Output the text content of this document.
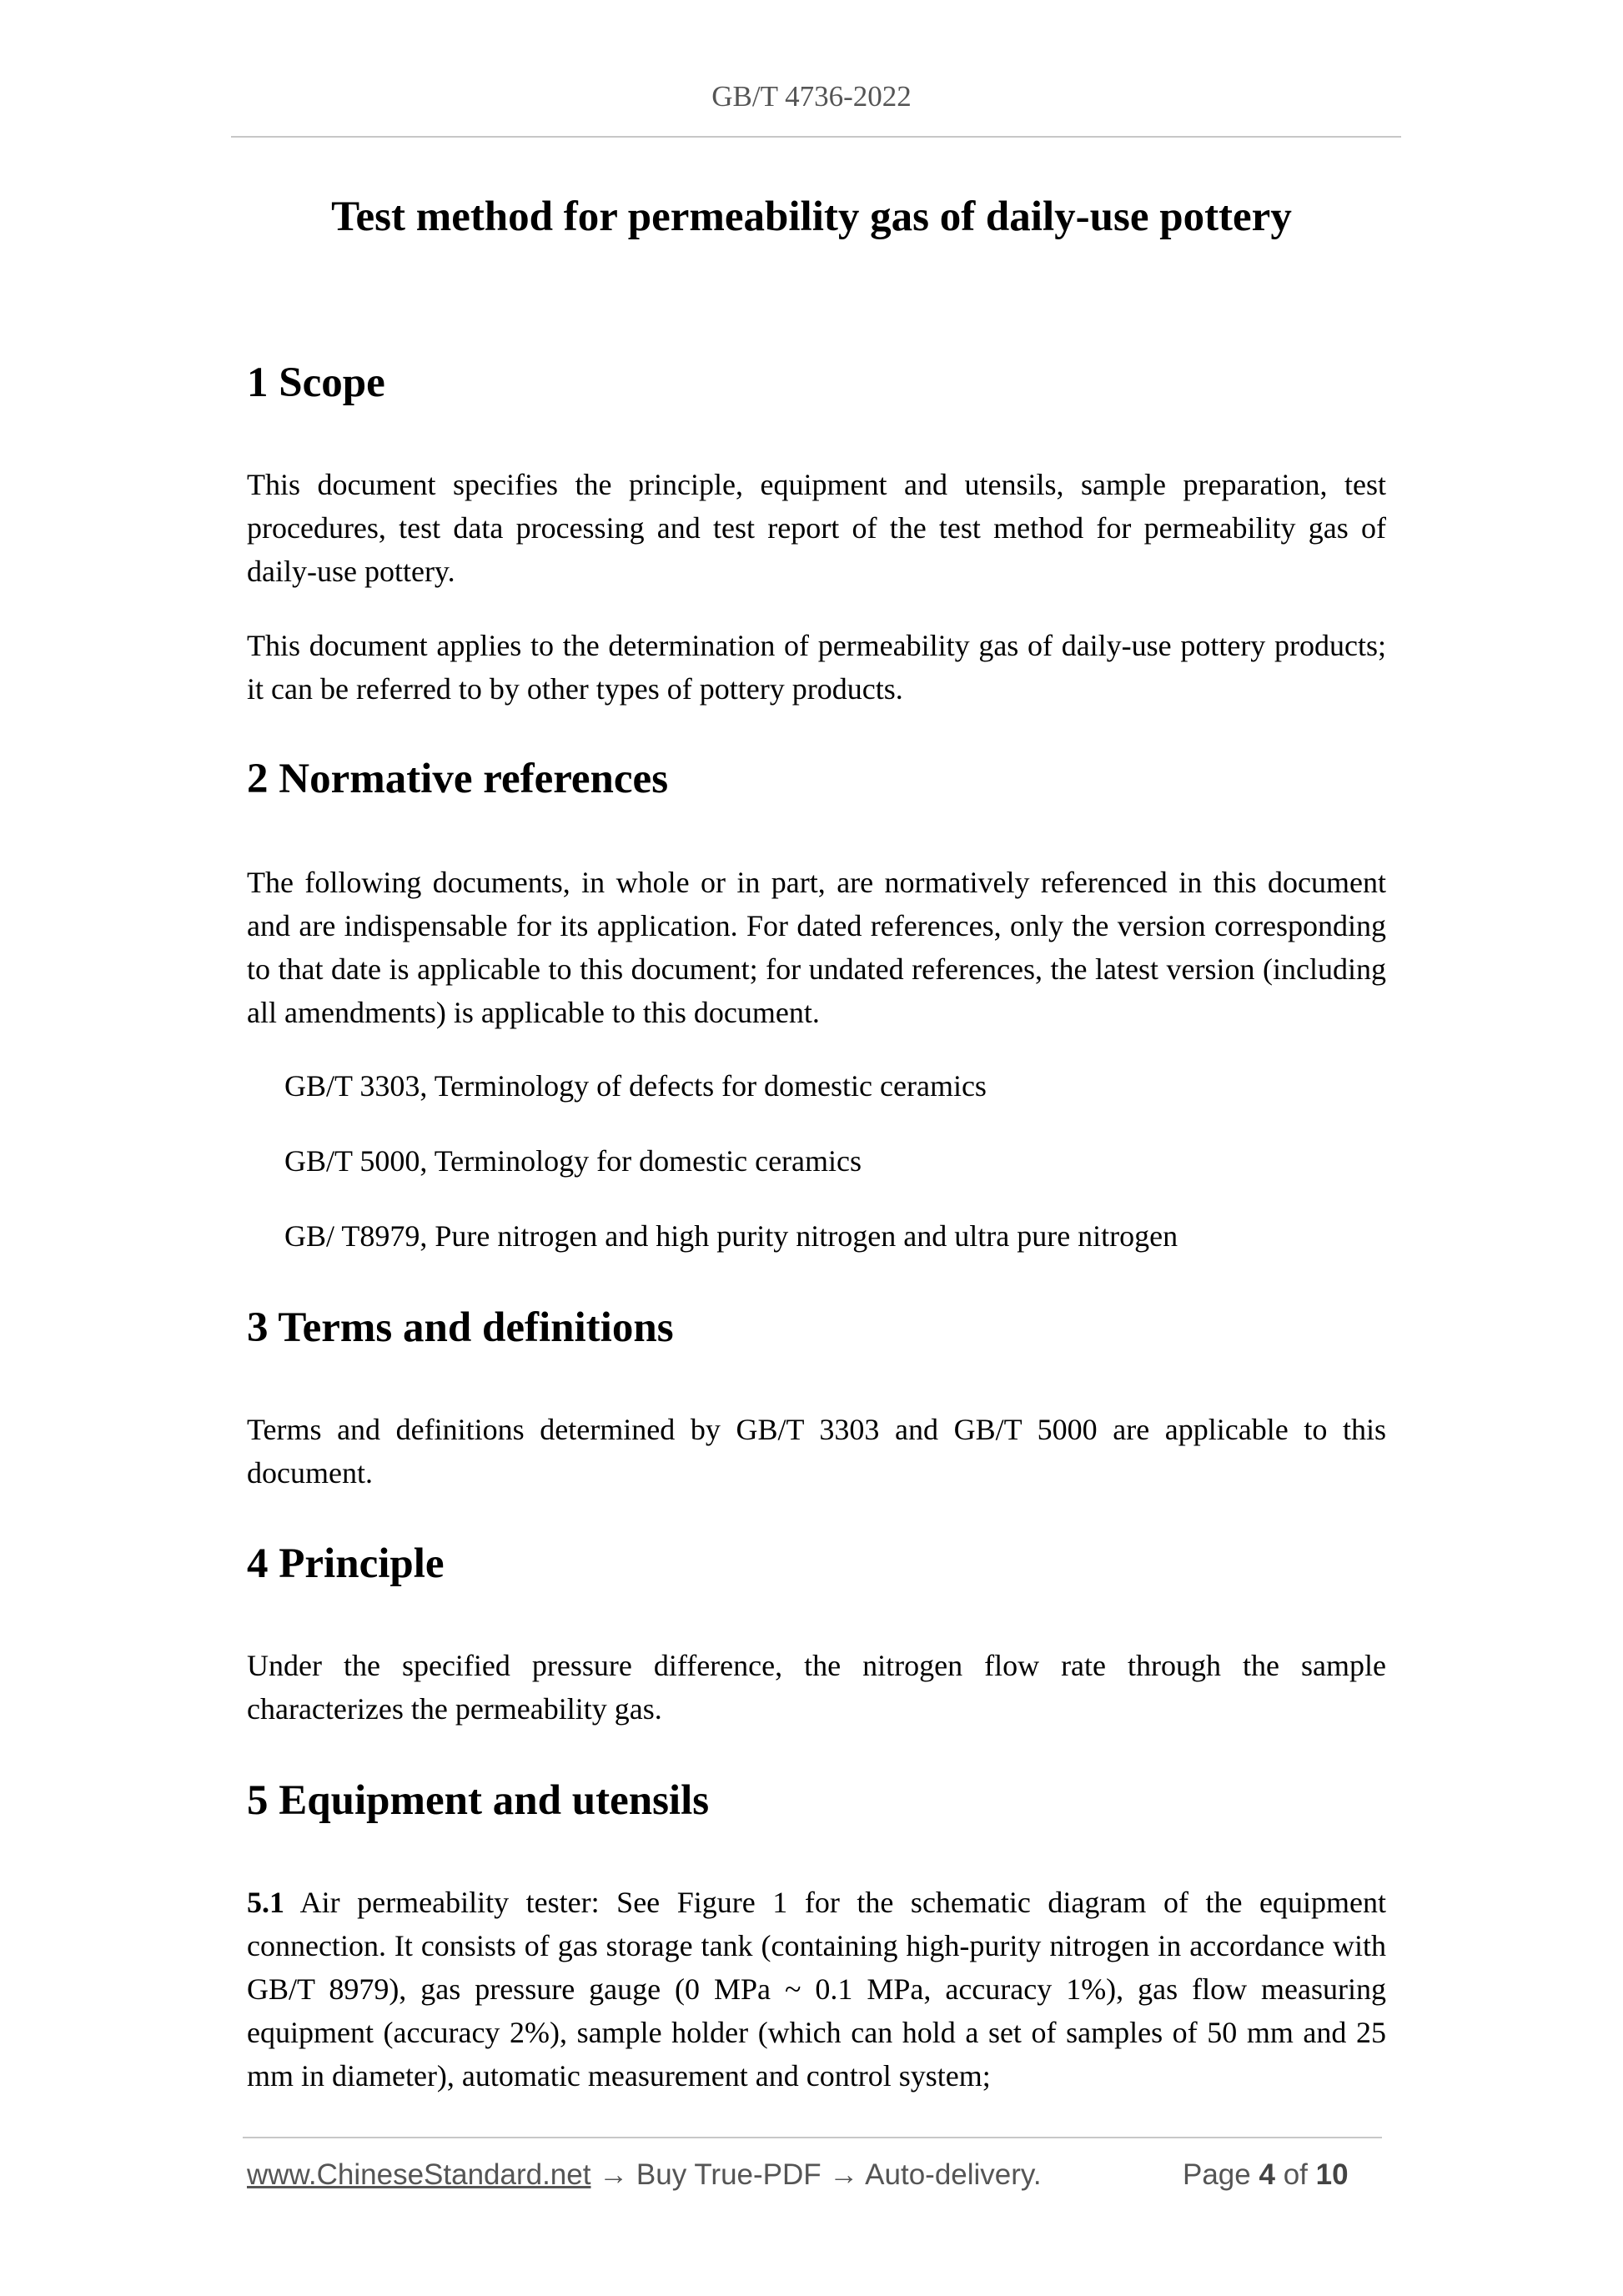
GB/T 4736-2022
Test method for permeability gas of daily-use pottery
1 Scope

This document specifies the principle, equipment and utensils, sample preparation, test procedures, test data processing and test report of the test method for permeability gas of daily-use pottery.

This document applies to the determination of permeability gas of daily-use pottery products; it can be referred to by other types of pottery products.

2 Normative references

The following documents, in whole or in part, are normatively referenced in this document and are indispensable for its application. For dated references, only the version corresponding to that date is applicable to this document; for undated references, the latest version (including all amendments) is applicable to this document.

GB/T 3303, Terminology of defects for domestic ceramics

GB/T 5000, Terminology for domestic ceramics

GB/ T8979, Pure nitrogen and high purity nitrogen and ultra pure nitrogen

3 Terms and definitions

Terms and definitions determined by GB/T 3303 and GB/T 5000 are applicable to this document.

4 Principle

Under the specified pressure difference, the nitrogen flow rate through the sample characterizes the permeability gas.

5 Equipment and utensils

5.1 Air permeability tester: See Figure 1 for the schematic diagram of the equipment connection. It consists of gas storage tank (containing high-purity nitrogen in accordance with GB/T 8979), gas pressure gauge (0 MPa ~ 0.1 MPa, accuracy 1%), gas flow measuring equipment (accuracy 2%), sample holder (which can hold a set of samples of 50 mm and 25 mm in diameter), automatic measurement and control system;

www.ChineseStandard.net → Buy True-PDF → Auto-delivery.	Page 4 of 10
